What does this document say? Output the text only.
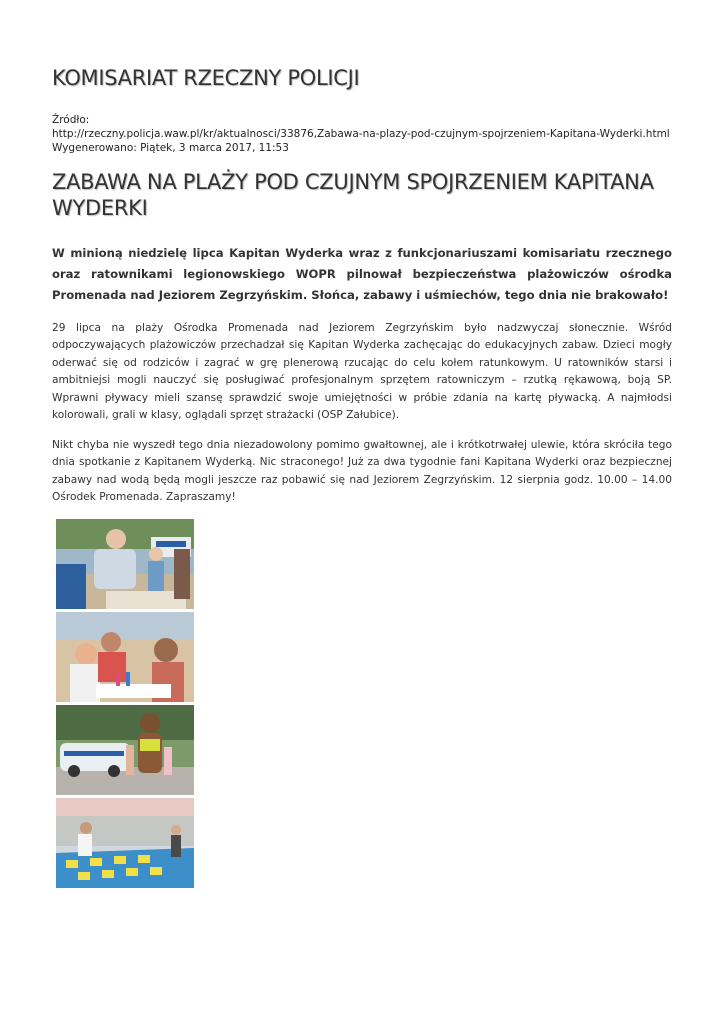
KOMISARIAT RZECZNY POLICJI
Źródło:
http://rzeczny.policja.waw.pl/kr/aktualnosci/33876,Zabawa-na-plazy-pod-czujnym-spojrzeniem-Kapitana-Wyderki.html
Wygenerowano: Piątek, 3 marca 2017, 11:53
ZABAWA NA PLAŻY POD CZUJNYM SPOJRZENIEM KAPITANA WYDERKI

W minioną niedzielę lipca Kapitan Wyderka wraz z funkcjonariuszami komisariatu rzecznego oraz ratownikami legionowskiego WOPR pilnował bezpieczeństwa plażowiczów ośrodka Promenada nad Jeziorem Zegrzyńskim. Słońca, zabawy i uśmiechów, tego dnia nie brakowało!

29 lipca na plaży Ośrodka Promenada nad Jeziorem Zegrzyńskim było nadzwyczaj słonecznie. Wśród odpoczywających plażowiczów przechadzał się Kapitan Wyderka zachęcając do edukacyjnych zabaw. Dzieci mogły oderwać się od rodziców i zagrać w grę plenerową rzucając do celu kołem ratunkowym. U ratowników starsi i ambitniejsi mogli nauczyć się posługiwać profesjonalnym sprzętem ratowniczym – rzutką rękawową, boją SP. Wprawni pływacy mieli szansę sprawdzić swoje umiejętności w próbie zdania na kartę pływacką. A najmłodsi kolorowali, grali w klasy, oglądali sprzęt strażacki (OSP Załubice).

Nikt chyba nie wyszedł tego dnia niezadowolony pomimo gwałtownej, ale i krótkotrwałej ulewie, która skróciła tego dnia spotkanie z Kapitanem Wyderką. Nic straconego! Już za dwa tygodnie fani Kapitana Wyderki oraz bezpiecznej zabawy nad wodą będą mogli jeszcze raz pobawić się nad Jeziorem Zegrzyńskim. 12 sierpnia godz. 10.00 – 14.00 Ośrodek Promenada. Zapraszamy!
